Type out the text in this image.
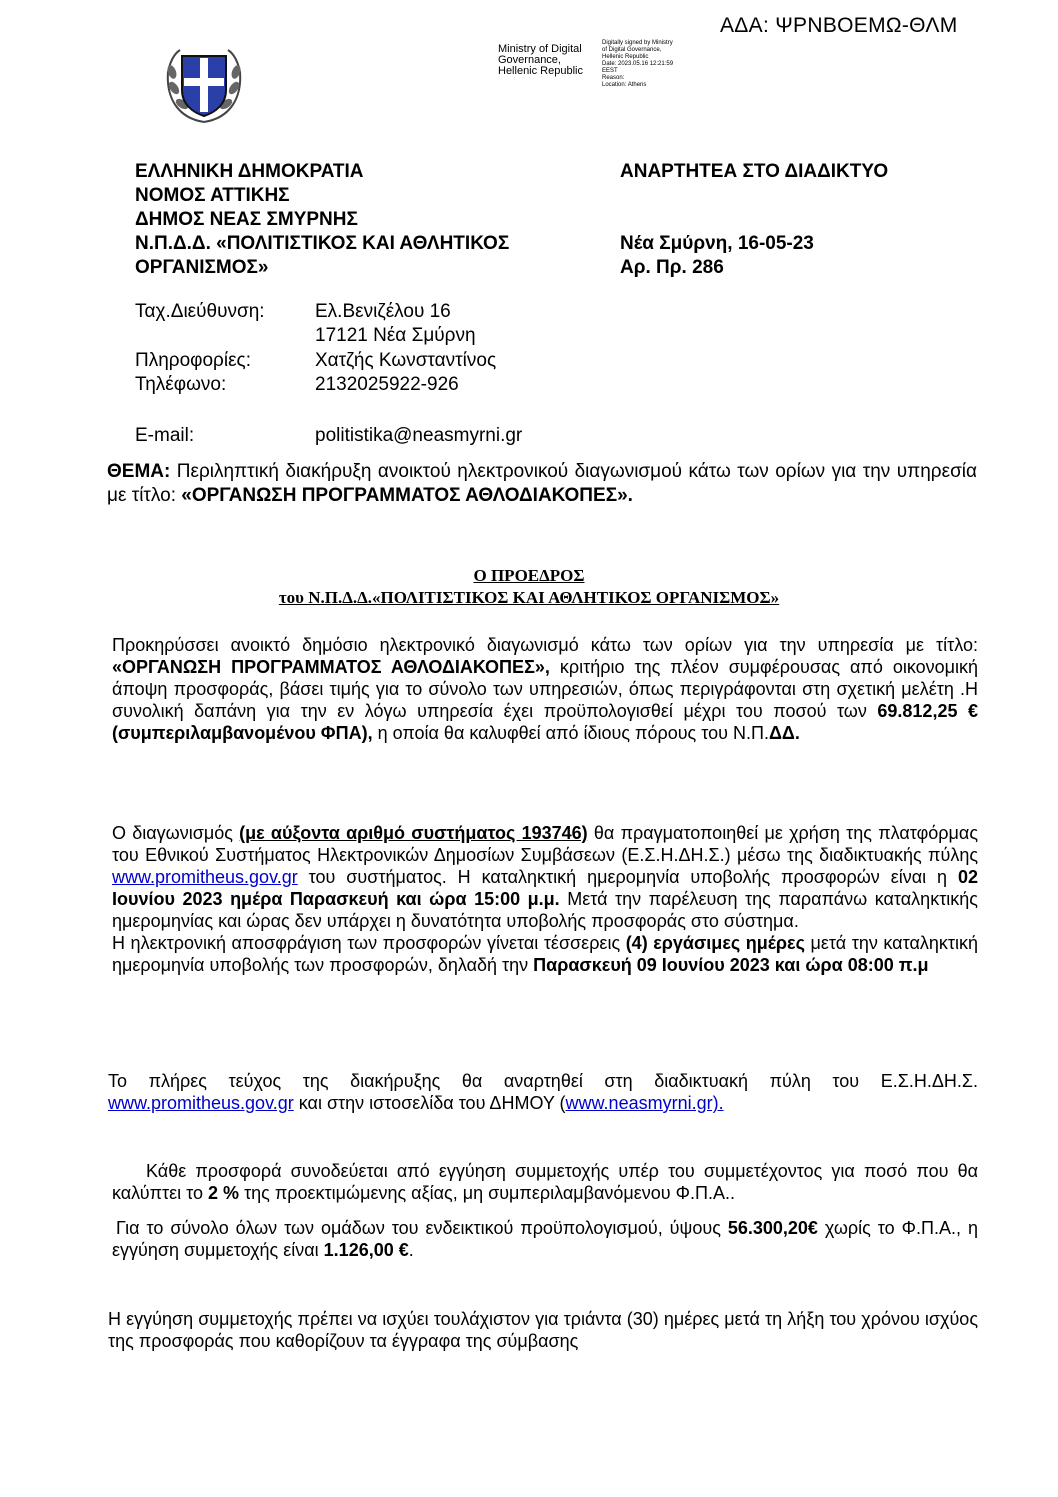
ΑΔΑ: ΨΡΝΒΟΕΜΩ-ΘΛΜ
Ministry of Digital
Governance,
Hellenic Republic
Digitally signed by Ministry
of Digital Governance,
Hellenic Republic
Date: 2023.05.16 12:21:59
EEST
Reason:
Location: Athens
ΕΛΛΗΝΙΚΗ ΔΗΜΟΚΡΑΤΙΑ
ΝΟΜΟΣ ΑΤΤΙΚΗΣ
ΔΗΜΟΣ ΝΕΑΣ ΣΜΥΡΝΗΣ
Ν.Π.Δ.Δ. «ΠΟΛΙΤΙΣΤΙΚΟΣ ΚΑΙ ΑΘΛΗΤΙΚΟΣ
ΟΡΓΑΝΙΣΜΟΣ»
ΑΝΑΡΤΗΤΕΑ ΣΤΟ ΔΙΑΔΙΚΤΥΟ
Νέα Σμύρνη, 16-05-23
Αρ. Πρ. 286
Ταχ.Διεύθυνση:	Ελ.Βενιζέλου 16
17121 Νέα Σμύρνη
Πληροφορίες:	Χατζής Κωνσταντίνος
Τηλέφωνο:	2132025922-926
E-mail:	politistika@neasmyrni.gr
ΘΕΜΑ: Περιληπτική διακήρυξη ανοικτού ηλεκτρονικού διαγωνισμού κάτω των ορίων για την υπηρεσία με τίτλο: «ΟΡΓΑΝΩΣΗ ΠΡΟΓΡΑΜΜΑΤΟΣ ΑΘΛΟΔΙΑΚΟΠΕΣ».
Ο ΠΡΟΕΔΡΟΣ
του Ν.Π.Δ.Δ.«ΠΟΛΙΤΙΣΤΙΚΟΣ ΚΑΙ ΑΘΛΗΤΙΚΟΣ ΟΡΓΑΝΙΣΜΟΣ»
Προκηρύσσει ανοικτό δημόσιο ηλεκτρονικό διαγωνισμό κάτω των ορίων για την υπηρεσία με τίτλο: «ΟΡΓΑΝΩΣΗ ΠΡΟΓΡΑΜΜΑΤΟΣ ΑΘΛΟΔΙΑΚΟΠΕΣ», κριτήριο της πλέον συμφέρουσας από οικονομική άποψη προσφοράς, βάσει τιμής για το σύνολο των υπηρεσιών, όπως περιγράφονται στη σχετική μελέτη .Η συνολική δαπάνη για την εν λόγω υπηρεσία έχει προϋπολογισθεί μέχρι του ποσού των 69.812,25 € (συμπεριλαμβανομένου ΦΠΑ), η οποία θα καλυφθεί από ίδιους πόρους του Ν.Π.ΔΔ.
Ο διαγωνισμός (με αύξοντα αριθμό συστήματος 193746) θα πραγματοποιηθεί με χρήση της πλατφόρμας του Εθνικού Συστήματος Ηλεκτρονικών Δημοσίων Συμβάσεων (Ε.Σ.Η.ΔΗ.Σ.) μέσω της διαδικτυακής πύλης www.promitheus.gov.gr του συστήματος. Η καταληκτική ημερομηνία υποβολής προσφορών είναι η 02 Ιουνίου 2023 ημέρα Παρασκευή και ώρα 15:00 μ.μ. Μετά την παρέλευση της παραπάνω καταληκτικής ημερομηνίας και ώρας δεν υπάρχει η δυνατότητα υποβολής προσφοράς στο σύστημα.
Η ηλεκτρονική αποσφράγιση των προσφορών γίνεται τέσσερεις (4) εργάσιμες ημέρες μετά την καταληκτική ημερομηνία υποβολής των προσφορών, δηλαδή την Παρασκευή 09 Ιουνίου 2023 και ώρα 08:00 π.μ
Το πλήρες τεύχος της διακήρυξης θα αναρτηθεί στη διαδικτυακή πύλη του Ε.Σ.Η.ΔΗ.Σ. www.promitheus.gov.gr και στην ιστοσελίδα του ΔΗΜΟΥ (www.neasmyrni.gr).
Κάθε προσφορά συνοδεύεται από εγγύηση συμμετοχής υπέρ του συμμετέχοντος για ποσό που θα καλύπτει το 2 % της προεκτιμώμενης αξίας, μη συμπεριλαμβανόμενου Φ.Π.Α..
Για το σύνολο όλων των ομάδων του ενδεικτικού προϋπολογισμού, ύψους 56.300,20€ χωρίς το Φ.Π.Α., η εγγύηση συμμετοχής είναι 1.126,00 €.
Η εγγύηση συμμετοχής πρέπει να ισχύει τουλάχιστον για τριάντα (30) ημέρες μετά τη λήξη του χρόνου ισχύος της προσφοράς που καθορίζουν τα έγγραφα της σύμβασης
